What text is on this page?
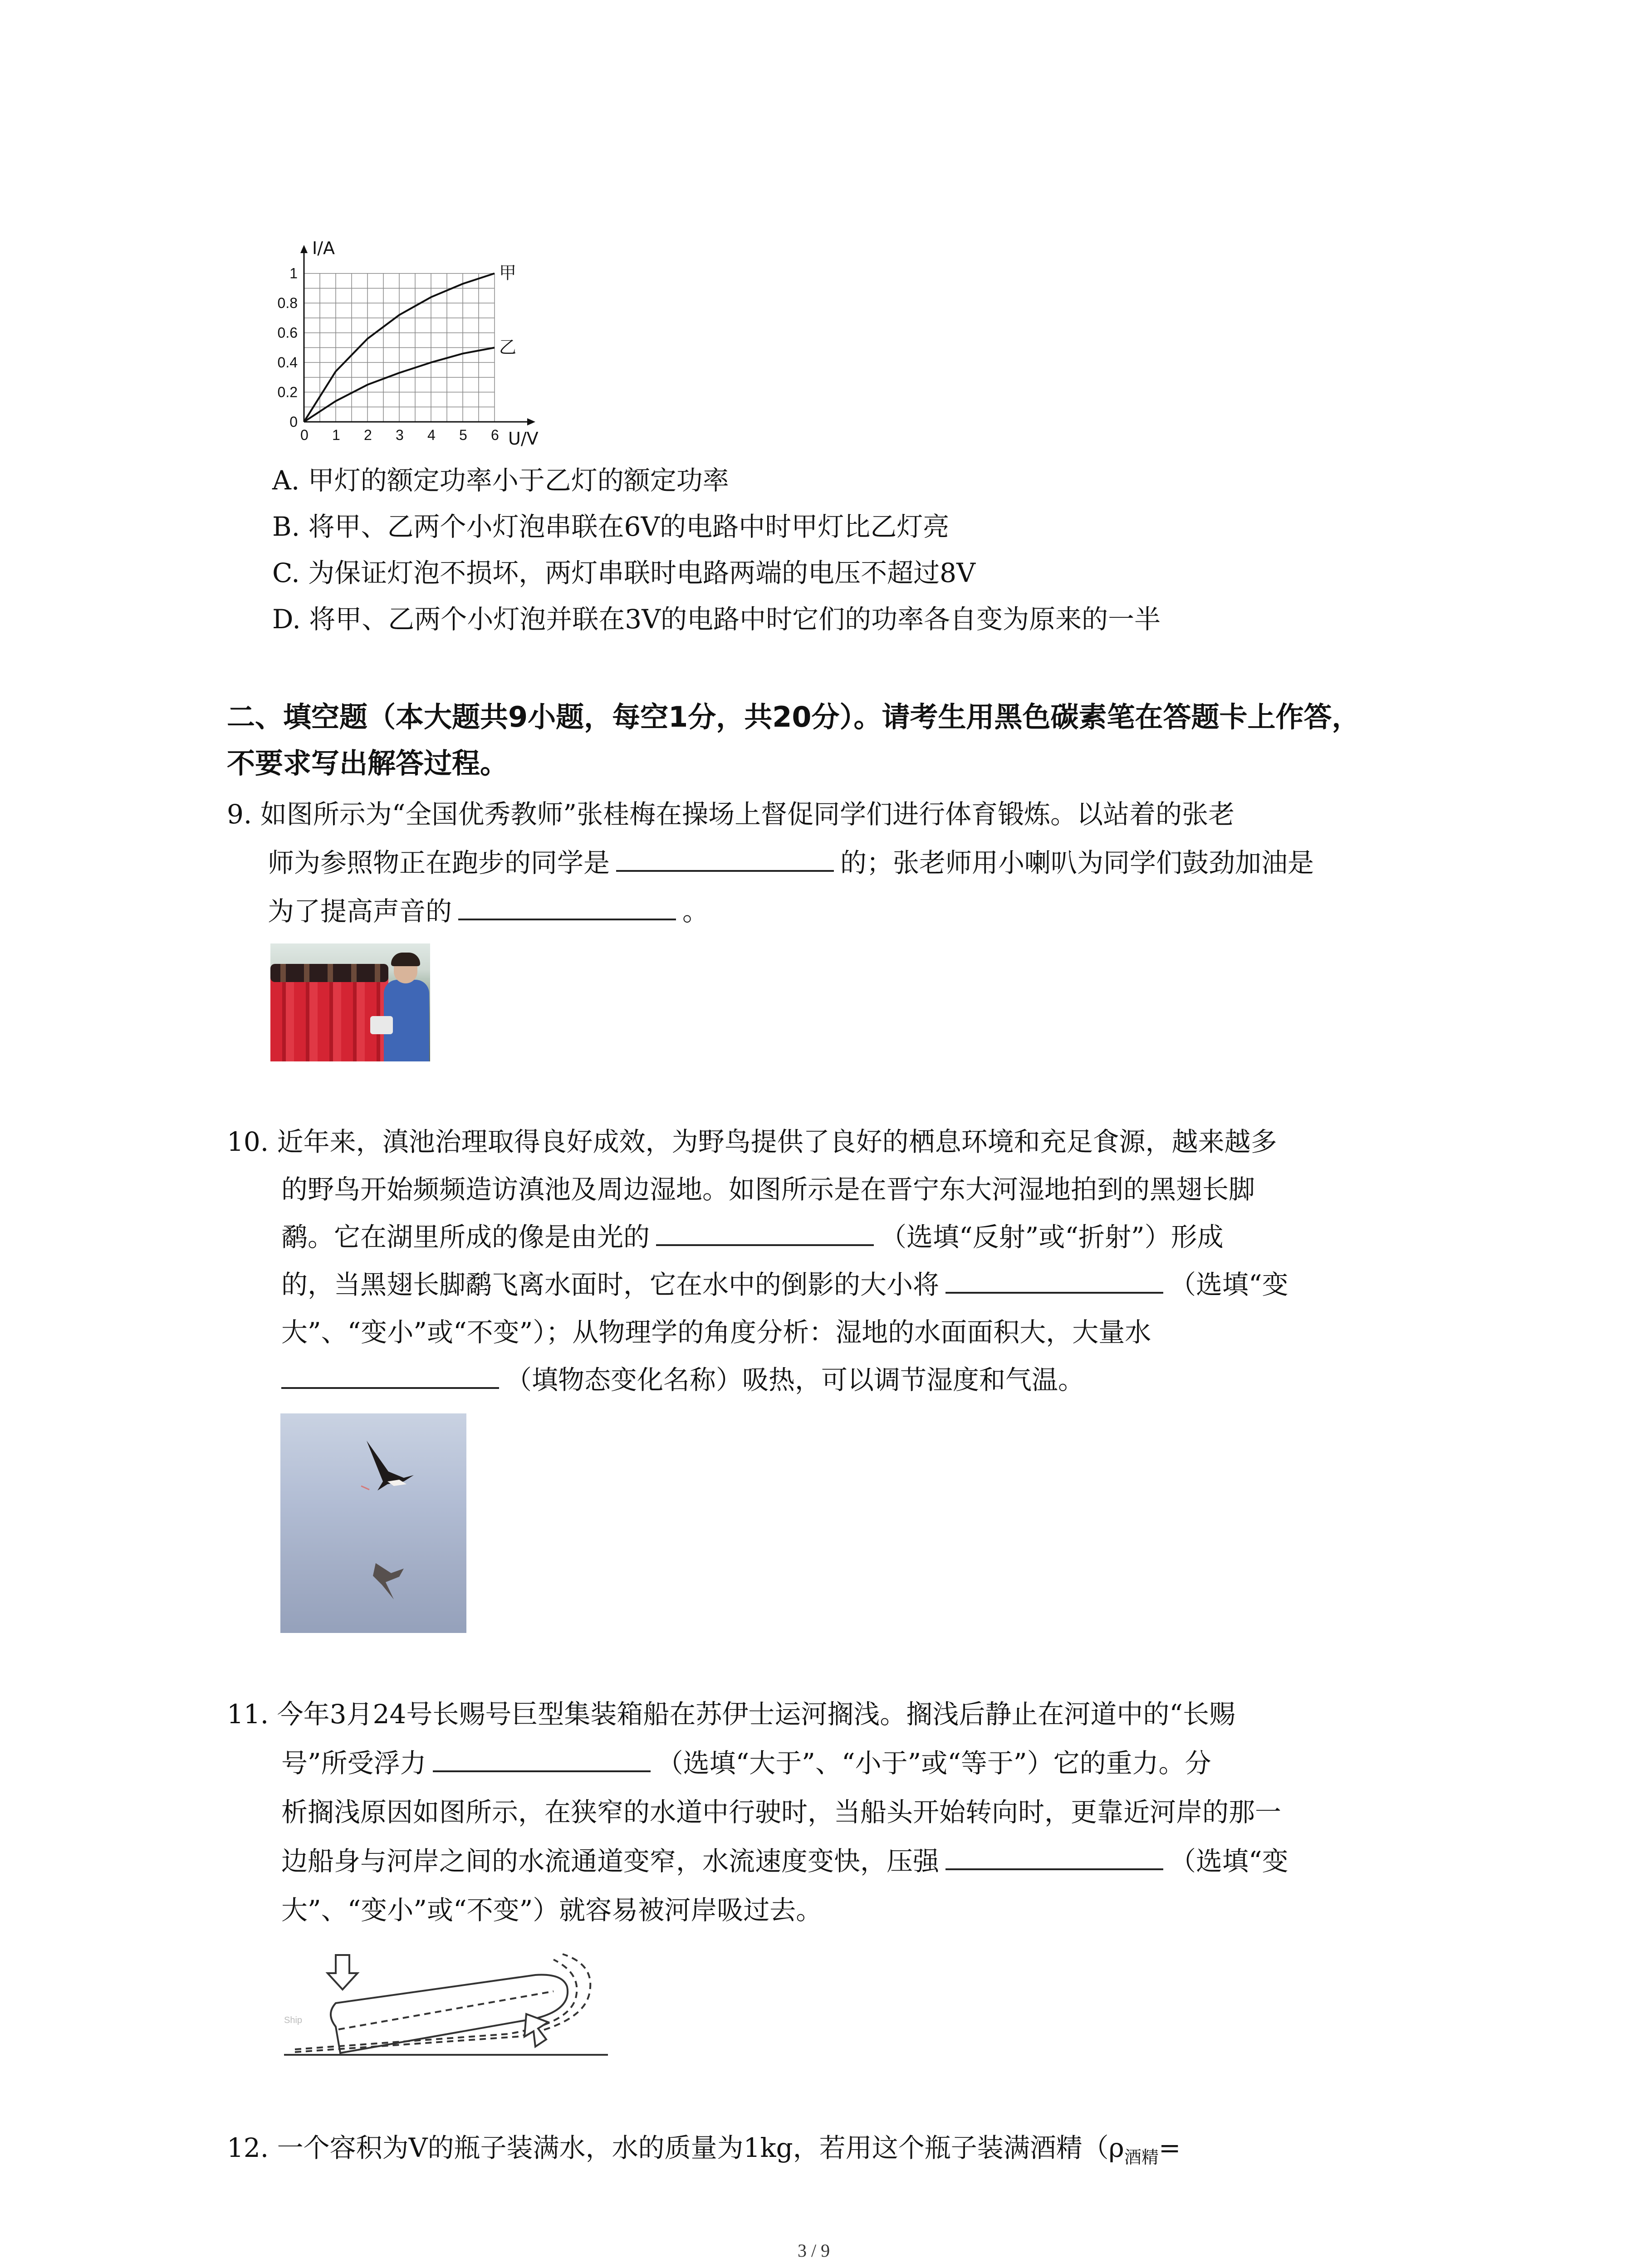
0 1 2 3 4 5 6
0
0.2
0.4
0.6
0.8
1	甲
乙
I/A
U/V
A. 甲灯的额定功率小于乙灯的额定功率
B. 将甲、乙两个小灯泡串联在6V的电路中时甲灯比乙灯亮
C. 为保证灯泡不损坏，两灯串联时电路两端的电压不超过8V
D. 将甲、乙两个小灯泡并联在3V的电路中时它们的功率各自变为原来的一半
二、填空题（本大题共9小题，每空1分，共20分）。请考生用黑色碳素笔在答题卡上作答，
不要求写出解答过程。
9. 如图所示为“全国优秀教师”张桂梅在操场上督促同学们进行体育锻炼。以站着的张老
师为参照物正在跑步的同学是	的；张老师用小喇叭为同学们鼓劲加油是
为了提高声音的	。
10. 近年来，滇池治理取得良好成效，为野鸟提供了良好的栖息环境和充足食源，越来越多
的野鸟开始频频造访滇池及周边湿地。如图所示是在晋宁东大河湿地拍到的黑翅长脚
鹬。它在湖里所成的像是由光的	（选填“反射”或“折射”）形成
的，当黑翅长脚鹬飞离水面时，它在水中的倒影的大小将	（选填“变
大”、“变小”或“不变”）；从物理学的角度分析：湿地的水面面积大，大量水
（填物态变化名称）吸热，可以调节湿度和气温。
11. 今年3月24号长赐号巨型集装箱船在苏伊士运河搁浅。搁浅后静止在河道中的“长赐
号”所受浮力	（选填“大于”、“小于”或“等于”）它的重力。分
析搁浅原因如图所示，在狭窄的水道中行驶时，当船头开始转向时，更靠近河岸的那一
边船身与河岸之间的水流通道变窄，水流速度变快，压强	（选填“变
大”、“变小”或“不变”）就容易被河岸吸过去。
Ship
12. 一个容积为V的瓶子装满水，水的质量为1kg，若用这个瓶子装满酒精（$\rho_{酒精}=$
3 / 9
